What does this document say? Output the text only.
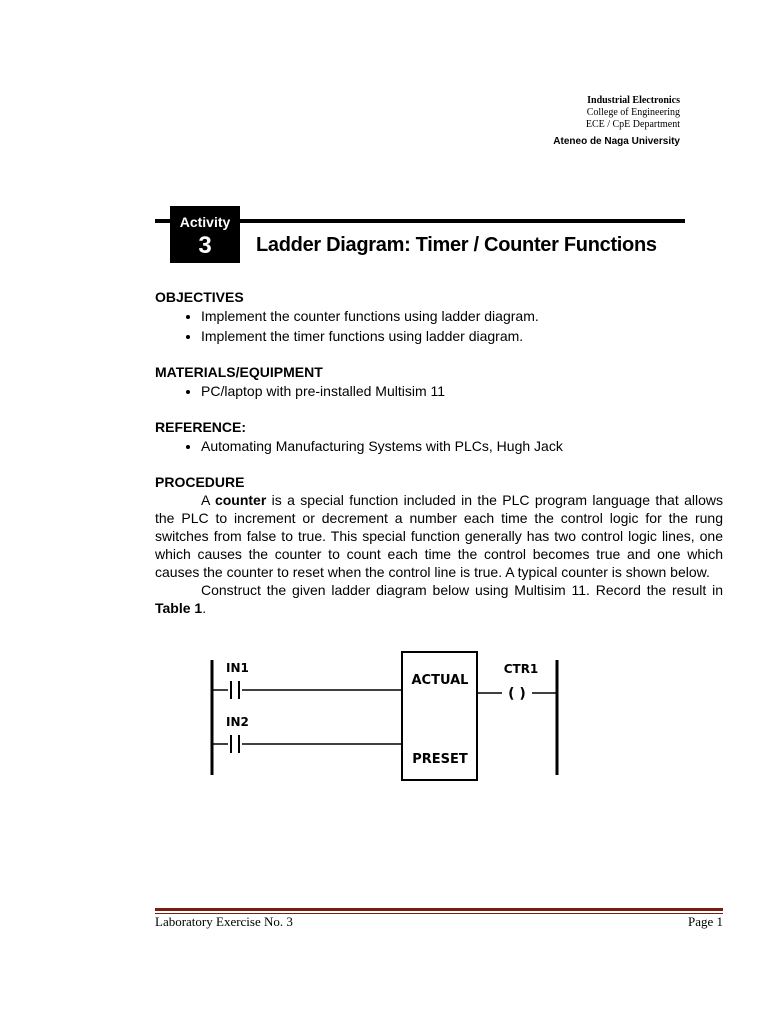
Industrial Electronics
College of Engineering
ECE / CpE Department
Ateneo de Naga University
Activity
3	Ladder Diagram: Timer / Counter Functions
OBJECTIVES
• Implement the counter functions using ladder diagram.
• Implement the timer functions using ladder diagram.
MATERIALS/EQUIPMENT
• PC/laptop with pre-installed Multisim 11
REFERENCE:
• Automating Manufacturing Systems with PLCs, Hugh Jack
PROCEDURE

A counter is a special function included in the PLC program language that allows the PLC to increment or decrement a number each time the control logic for the rung switches from false to true. This special function generally has two control logic lines, one which causes the counter to count each time the control becomes true and one which causes the counter to reset when the control line is true. A typical counter is shown below.

Construct the given ladder diagram below using Multisim 11. Record the result in Table 1.

IN1
IN2
ACTUAL
PRESET
CTR1
( )
Laboratory Exercise No. 3	Page 1
